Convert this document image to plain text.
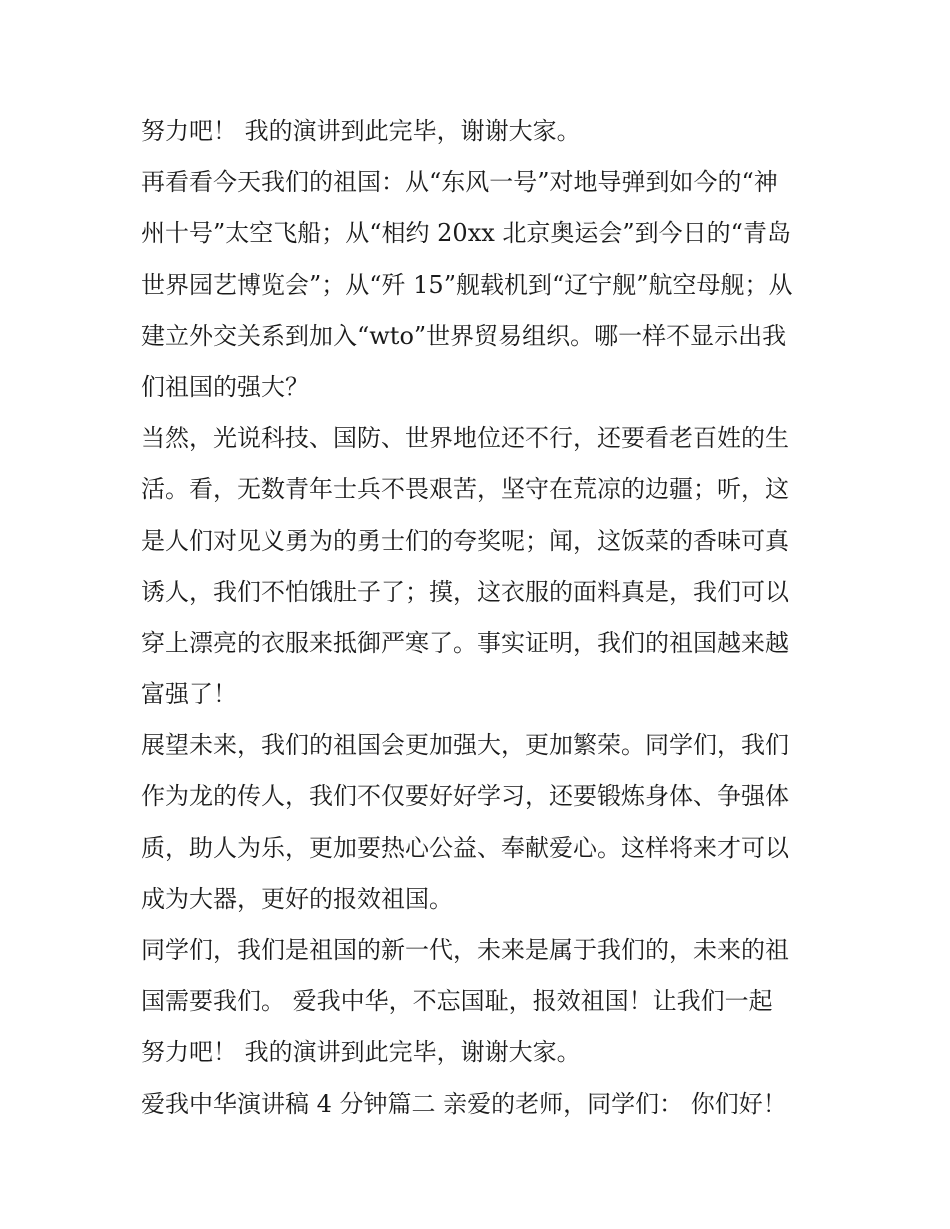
努力吧！ 我的演讲到此完毕，谢谢大家。
再看看今天我们的祖国：从“东风一号”对地导弹到如今的“神
州十号”太空飞船；从“相约 20xx 北京奥运会”到今日的“青岛
世界园艺博览会”；从“歼 15”舰载机到“辽宁舰”航空母舰；从
建立外交关系到加入“wto”世界贸易组织。哪一样不显示出我
们祖国的强大？
当然，光说科技、国防、世界地位还不行，还要看老百姓的生
活。看，无数青年士兵不畏艰苦，坚守在荒凉的边疆；听，这
是人们对见义勇为的勇士们的夸奖呢；闻，这饭菜的香味可真
诱人，我们不怕饿肚子了；摸，这衣服的面料真是，我们可以
穿上漂亮的衣服来抵御严寒了。事实证明，我们的祖国越来越
富强了！
展望未来，我们的祖国会更加强大，更加繁荣。同学们，我们
作为龙的传人，我们不仅要好好学习，还要锻炼身体、争强体
质，助人为乐，更加要热心公益、奉献爱心。这样将来才可以
成为大器，更好的报效祖国。
同学们，我们是祖国的新一代，未来是属于我们的，未来的祖
国需要我们。 爱我中华，不忘国耻，报效祖国！让我们一起
努力吧！ 我的演讲到此完毕，谢谢大家。
爱我中华演讲稿 4 分钟篇二 亲爱的老师，同学们： 你们好！
